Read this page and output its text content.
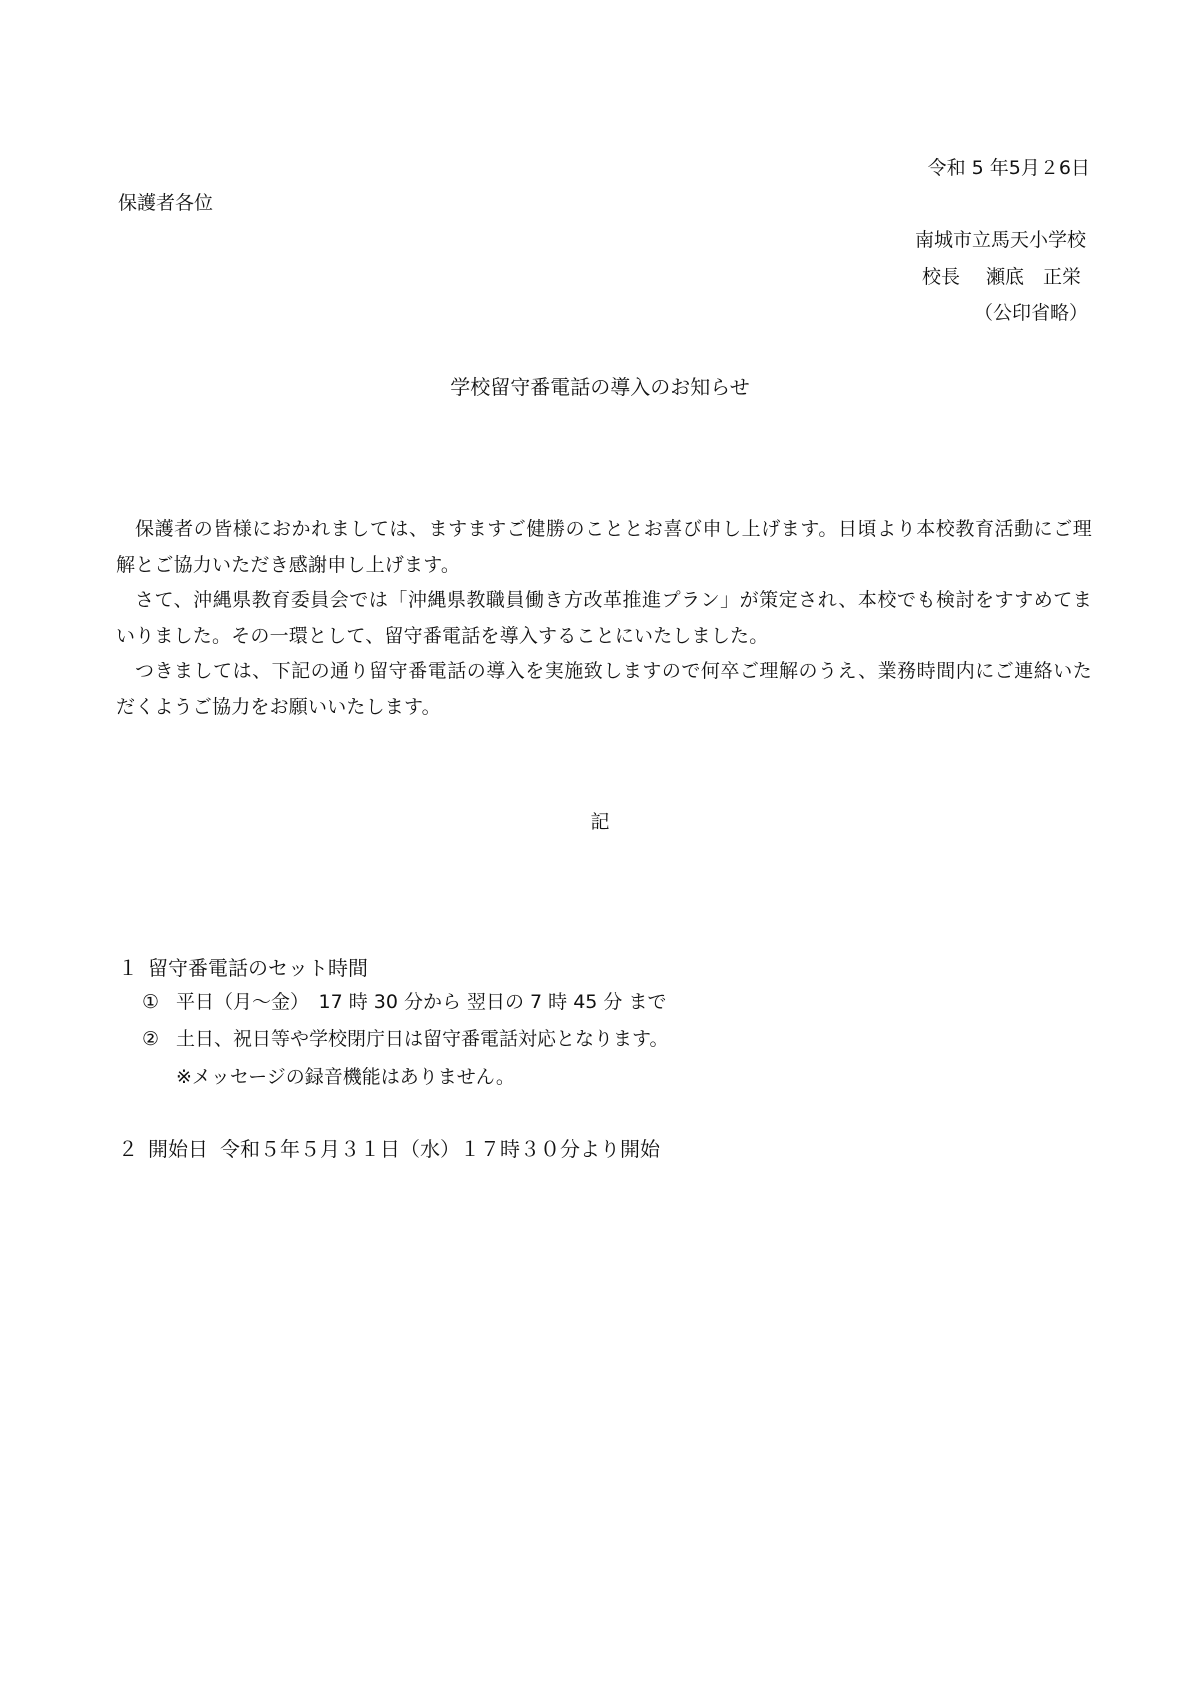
令和 5 年5月２6日
保護者各位
南城市立馬天小学校
校長 瀬底　正栄
（公印省略）
学校留守番電話の導入のお知らせ

保護者の皆様におかれましては、ますますご健勝のこととお喜び申し上げます。日頃より本校教育活動にご理解とご協力いただき感謝申し上げます。

さて、沖縄県教育委員会では「沖縄県教職員働き方改革推進プラン」が策定され、本校でも検討をすすめてまいりました。その一環として、留守番電話を導入することにいたしました。

つきましては、下記の通り留守番電話の導入を実施致しますので何卒ご理解のうえ、業務時間内にご連絡いただくようご協力をお願いいたします。

記
１ 留守番電話のセット時間
① 平日（月～金）　17 時 30 分から 翌日の 7 時 45 分 まで
② 土日、祝日等や学校閉庁日は留守番電話対応となります。
※メッセージの録音機能はありません。
２ 開始日 令和５年５月３１日（水）１７時３０分より開始
